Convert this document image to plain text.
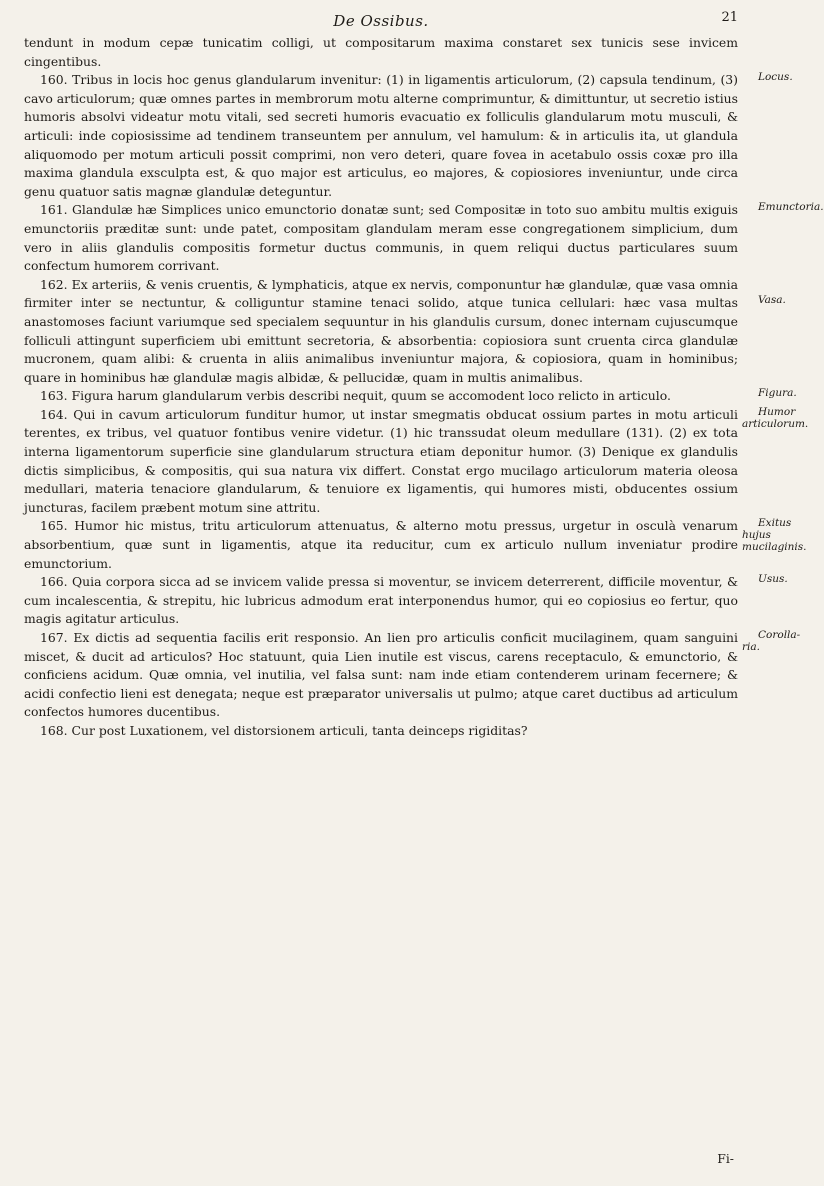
De Ossibus.	21

tendunt in modum cepæ tunicatim colligi, ut compositarum maxima constaret sex tunicis sese invicem cingentibus.

Locus.
160. Tribus in locis hoc genus glandularum invenitur: (1) in ligamentis articulorum, (2) capsula tendinum, (3) cavo articulorum; quæ omnes partes in membrorum motu alterne comprimuntur, & dimittuntur, ut secretio istius humoris absolvi videatur motu vitali, sed secreti humoris evacuatio ex folliculis glandularum motu musculi, & articuli: inde copiosissime ad tendinem transeuntem per annulum, vel hamulum: & in articulis ita, ut glandula aliquomodo per motum articuli possit comprimi, non vero deteri, quare fovea in acetabulo ossis coxæ pro illa maxima glandula exsculpta est, & quo major est articulus, eo majores, & copiosiores inveniuntur, unde circa genu quatuor satis magnæ glandulæ deteguntur.

Emunctoria.
161. Glandulæ hæ Simplices unico emunctorio donatæ sunt; sed Compositæ in toto suo ambitu multis exiguis emunctoriis præditæ sunt: unde patet, compositam glandulam meram esse congregationem simplicium, dum vero in aliis glandulis compositis formetur ductus communis, in quem reliqui ductus particulares suum confectum humorem corrivant.

Vasa.
162. Ex arteriis, & venis cruentis, & lymphaticis, atque ex nervis, componuntur hæ glandulæ, quæ vasa omnia firmiter inter se nectuntur, & colliguntur stamine tenaci solido, atque tunica cellulari: hæc vasa multas anastomoses faciunt variumque sed specialem sequuntur in his glandulis cursum, donec internam cujuscumque folliculi attingunt superficiem ubi emittunt secretoria, & absorbentia: copiosiora sunt cruenta circa glandulæ mucronem, quam alibi: & cruenta in aliis animalibus inveniuntur majora, & copiosiora, quam in hominibus; quare in hominibus hæ glandulæ magis albidæ, & pellucidæ, quam in multis animalibus.

Figura.
163. Figura harum glandularum verbis describi nequit, quum se accomodent loco relicto in articulo.

Humor articulorum.
164. Qui in cavum articulorum funditur humor, ut instar smegmatis obducat ossium partes in motu articuli terentes, ex tribus, vel quatuor fontibus venire videtur. (1) hic transsudat oleum medullare (131). (2) ex tota interna ligamentorum superficie sine glandularum structura etiam deponitur humor. (3) Denique ex glandulis dictis simplicibus, & compositis, qui sua natura vix differt. Constat ergo mucilago articulorum materia oleosa medullari, materia tenaciore glandularum, & tenuiore ex ligamentis, qui humores misti, obducentes ossium juncturas, facilem præbent motum sine attritu.

Exitus hujus mucilaginis.
165. Humor hic mistus, tritu articulorum attenuatus, & alterno motu pressus, urgetur in osculà venarum absorbentium, quæ sunt in ligamentis, atque ita reducitur, cum ex articulo nullum inveniatur prodire emunctorium.

Usus.
166. Quia corpora sicca ad se invicem valide pressa si moventur, se invicem deterrerent, difficile moventur, & cum incalescentia, & strepitu, hic lubricus admodum erat interponendus humor, qui eo copiosius eo fertur, quo magis agitatur articulus.

Corolla-ria.
167. Ex dictis ad sequentia facilis erit responsio. An lien pro articulis conficit mucilaginem, quam sanguini miscet, & ducit ad articulos? Hoc statuunt, quia Lien inutile est viscus, carens receptaculo, & emunctorio, & conficiens acidum. Quæ omnia, vel inutilia, vel falsa sunt: nam inde etiam contenderem urinam fecernere; & acidi confectio lieni est denegata; neque est præparator universalis ut pulmo; atque caret ductibus ad articulum confectos humores ducentibus.

168. Cur post Luxationem, vel distorsionem articuli, tanta deinceps rigiditas?

Fi-
